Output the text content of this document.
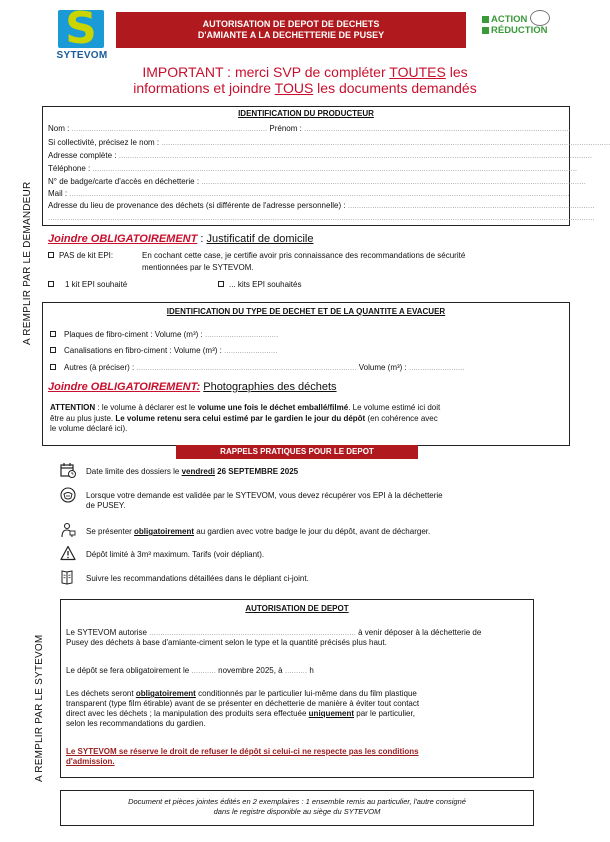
S
SYTEVOM
AUTORISATION DE DEPOT DE DECHETS
D'AMIANTE A LA DECHETTERIE DE PUSEY
ACTION
RÉDUCTION
IMPORTANT : merci SVP de compléter TOUTES les
informations et joindre TOUS les documents demandés
A REMPLIR PAR LE DEMANDEUR
A REMPLIR PAR LE SYTEVOM
IDENTIFICATION DU PRODUCTEUR
Nom : ........................................................................................ Prénom : ........................................................................................................................
Si collectivité, précisez le nom : ..........................................................................................................................................................................................................
Adresse complète : .....................................................................................................................................................................................................................
Téléphone : ..........................................................................................................................................................................................................................
N° de badge/carte d'accès en déchetterie : .............................................................................................................................................................................
Mail : .................................................................................................................................................................................................................................
Adresse du lieu de provenance des déchets (si différente de l'adresse personnelle) : ...............................................................................................................
......................................................................................................................................................................................................................................................
Joindre OBLIGATOIREMENT : Justificatif de domicile
PAS de kit EPI:	En cochant cette case, je certifie avoir pris connaissance des recommandations de sécurité
mentionnées par le SYTEVOM.
1 kit EPI souhaité	... kits EPI souhaités
IDENTIFICATION DU TYPE DE DECHET ET DE LA QUANTITE A EVACUER
Plaques de fibro-ciment : Volume (m³) : .................................
Canalisations en fibro-ciment : Volume (m³) : ........................
Autres (à préciser) : ................................................................................................... Volume (m³) : .........................
Joindre OBLIGATOIREMENT: Photographies des déchets
ATTENTION : le volume à déclarer est le volume une fois le déchet emballé/filmé. Le volume estimé ici doit
être au plus juste. Le volume retenu sera celui estimé par le gardien le jour du dépôt (en cohérence avec
le volume déclaré ici).
RAPPELS PRATIQUES POUR LE DEPOT
Date limite des dossiers le vendredi 26 SEPTEMBRE 2025
Lorsque votre demande est validée par le SYTEVOM, vous devez récupérer vos EPI à la déchetterie
de PUSEY.
Se présenter obligatoirement au gardien avec votre badge le jour du dépôt, avant de décharger.
Dépôt limité à 3m³ maximum. Tarifs (voir dépliant).
Suivre les recommandations détaillées dans le dépliant ci-joint.
AUTORISATION DE DEPOT
Le SYTEVOM autorise ............................................................................................. à venir déposer à la déchetterie de
Pusey des déchets à base d'amiante-ciment selon le type et la quantité précisés plus haut.
Le dépôt se fera obligatoirement le ........... novembre 2025, à .......... h
Les déchets seront obligatoirement conditionnés par le particulier lui-même dans du film plastique
transparent (type film étirable) avant de se présenter en déchetterie de manière à éviter tout contact
direct avec les déchets ; la manipulation des produits sera effectuée uniquement par le particulier,
selon les recommandations du gardien.
Le SYTEVOM se réserve le droit de refuser le dépôt si celui-ci ne respecte pas les conditions
d'admission.
Document et pièces jointes édités en 2 exemplaires : 1 ensemble remis au particulier, l'autre consigné
dans le registre disponible au siège du SYTEVOM
